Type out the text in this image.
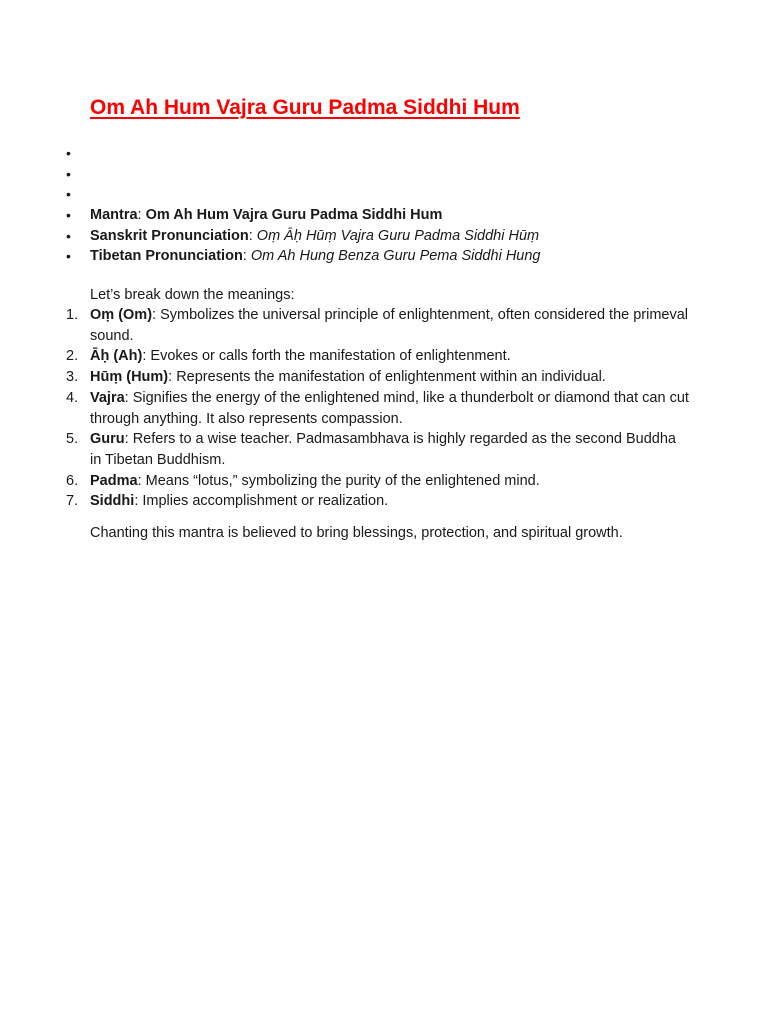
Om Ah Hum Vajra Guru Padma Siddhi Hum
•
•
•
• Mantra: Om Ah Hum Vajra Guru Padma Siddhi Hum
• Sanskrit Pronunciation: Oṃ Āḥ Hūṃ Vajra Guru Padma Siddhi Hūṃ
• Tibetan Pronunciation: Om Ah Hung Benza Guru Pema Siddhi Hung

Let’s break down the meanings:

1. Oṃ (Om): Symbolizes the universal principle of enlightenment, often considered the primeval sound.
2. Āḥ (Ah): Evokes or calls forth the manifestation of enlightenment.
3. Hūṃ (Hum): Represents the manifestation of enlightenment within an individual.
4. Vajra: Signifies the energy of the enlightened mind, like a thunderbolt or diamond that can cut through anything. It also represents compassion.
5. Guru: Refers to a wise teacher. Padmasambhava is highly regarded as the second Buddha in Tibetan Buddhism.
6. Padma: Means “lotus,” symbolizing the purity of the enlightened mind.
7. Siddhi: Implies accomplishment or realization.

Chanting this mantra is believed to bring blessings, protection, and spiritual growth.
